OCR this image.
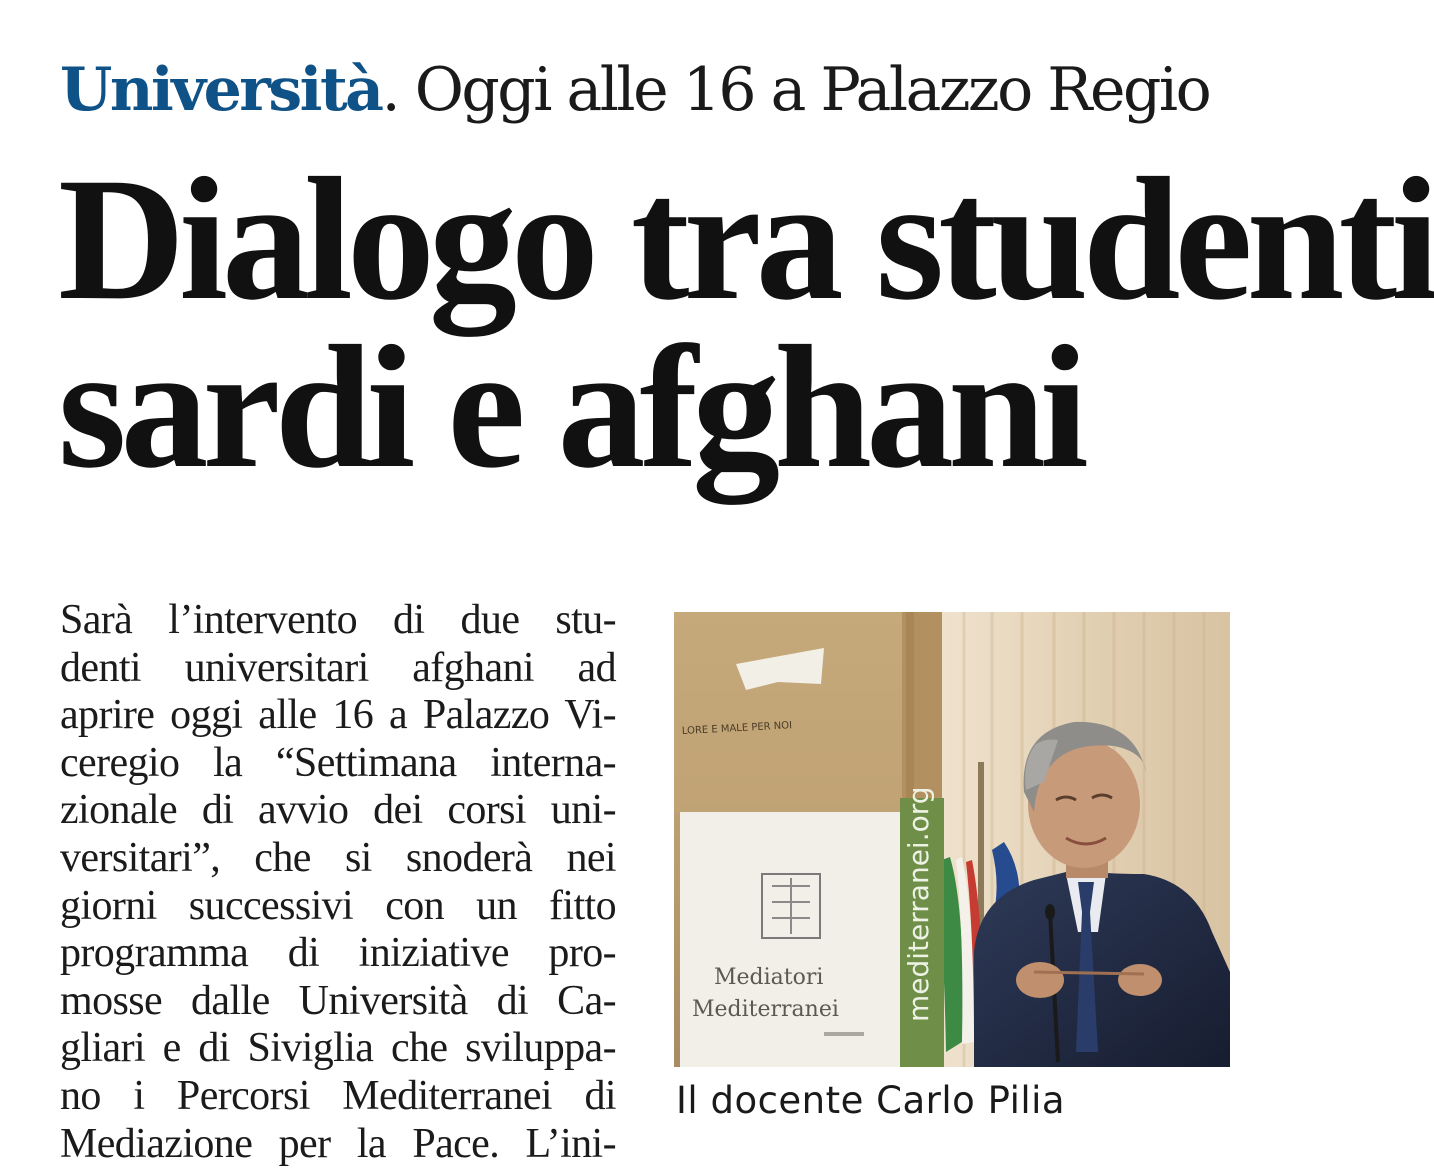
Università. Oggi alle 16 a Palazzo Regio
Dialogo tra studenti
sardi e afghani
Sarà l’intervento di due stu-
denti universitari afghani ad
aprire oggi alle 16 a Palazzo Vi-
ceregio la “Settimana interna-
zionale di avvio dei corsi uni-
versitari”, che si snoderà nei
giorni successivi con un fitto
programma di iniziative pro-
mosse dalle Università di Ca-
gliari e di Siviglia che sviluppa-
no i Percorsi Mediterranei di
Mediazione per la Pace. L’ini-
LORE E MALE PER NOI
mediterranei.org
Mediatori
Mediterranei
Il docente Carlo Pilia
